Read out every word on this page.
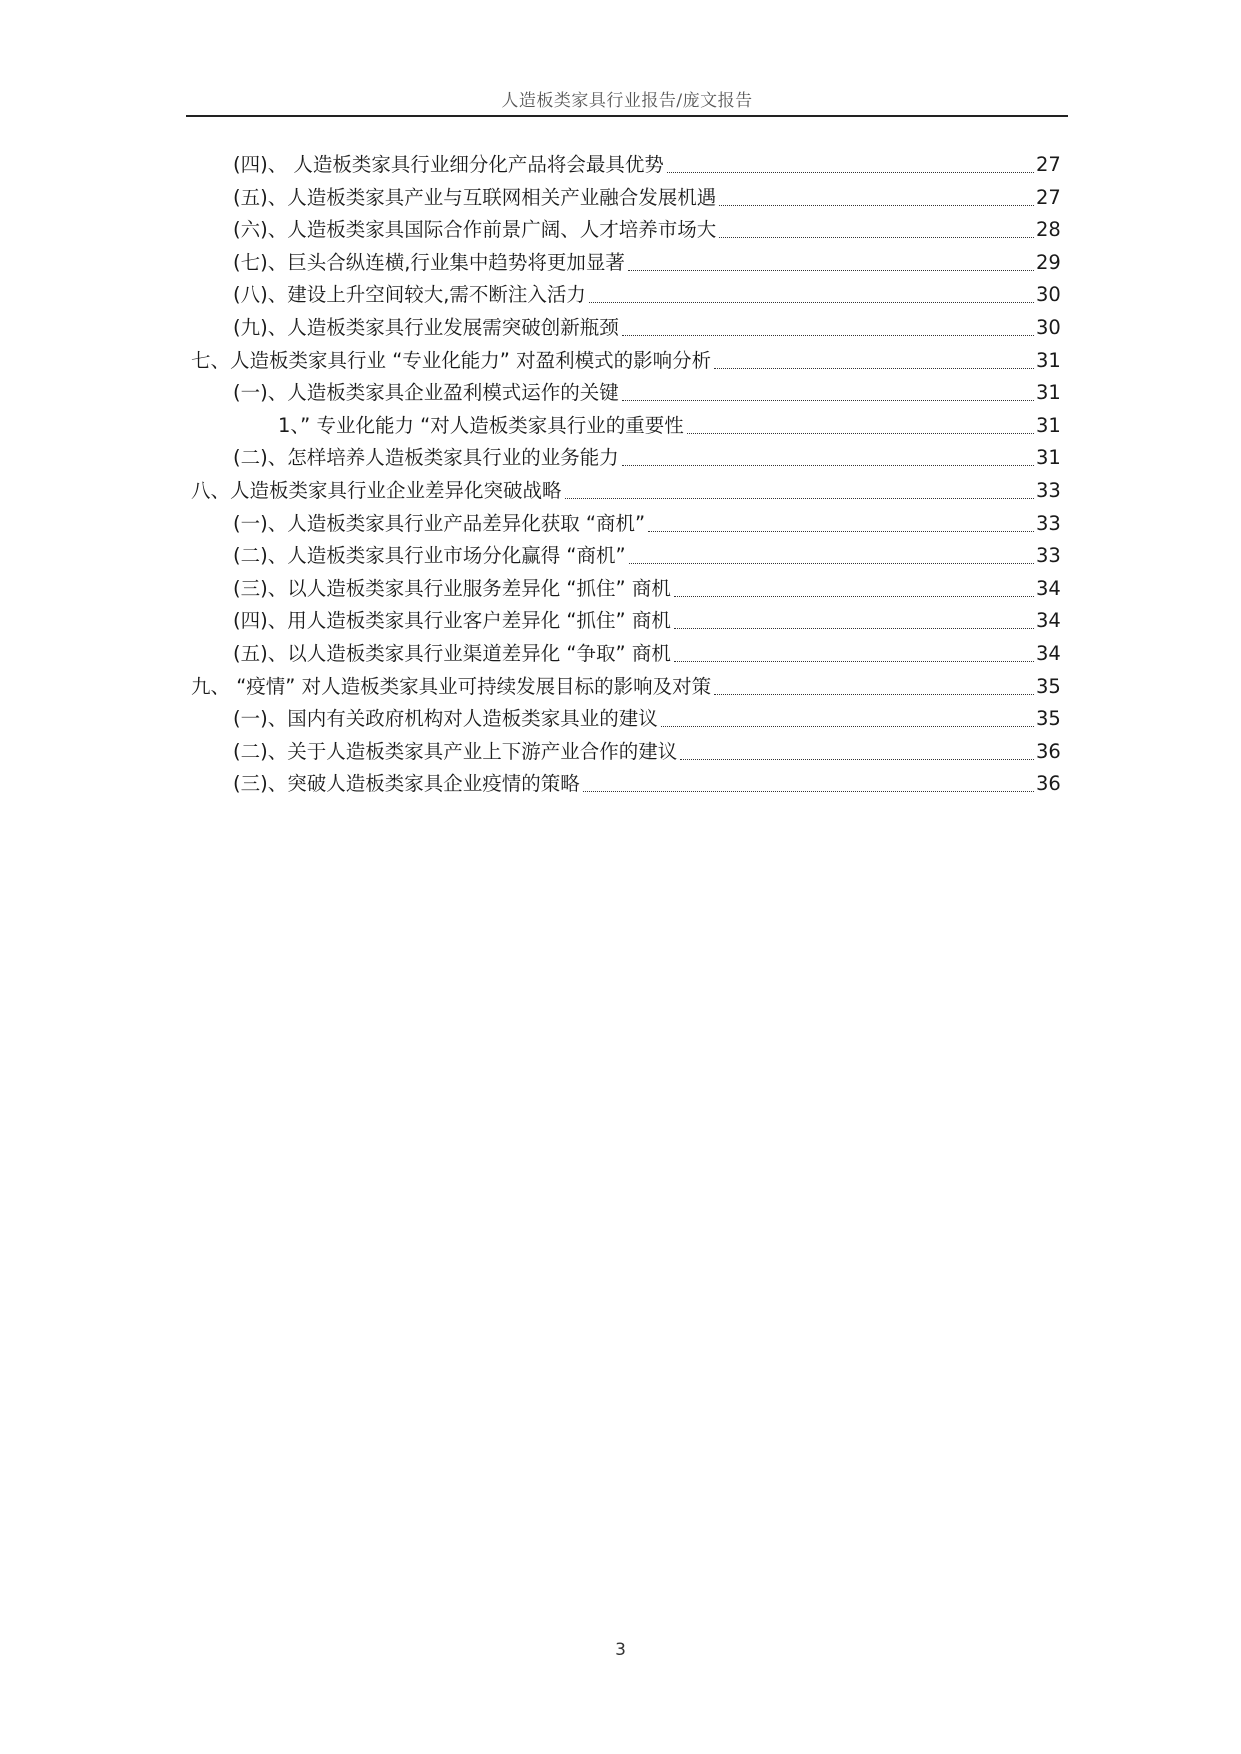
人造板类家具行业报告/庞文报告
(四)、 人造板类家具行业细分化产品将会最具优势	27
(五)、人造板类家具产业与互联网相关产业融合发展机遇	27
(六)、人造板类家具国际合作前景广阔、人才培养市场大	28
(七)、巨头合纵连横,行业集中趋势将更加显著	29
(八)、建设上升空间较大,需不断注入活力	30
(九)、人造板类家具行业发展需突破创新瓶颈	30
七、人造板类家具行业 “专业化能力” 对盈利模式的影响分析	31
(一)、人造板类家具企业盈利模式运作的关键	31
1、” 专业化能力 “对人造板类家具行业的重要性	31
(二)、怎样培养人造板类家具行业的业务能力	31
八、人造板类家具行业企业差异化突破战略	33
(一)、人造板类家具行业产品差异化获取 “商机”	33
(二)、人造板类家具行业市场分化赢得 “商机”	33
(三)、以人造板类家具行业服务差异化 “抓住” 商机	34
(四)、用人造板类家具行业客户差异化 “抓住” 商机	34
(五)、以人造板类家具行业渠道差异化 “争取” 商机	34
九、 “疫情” 对人造板类家具业可持续发展目标的影响及对策	35
(一)、国内有关政府机构对人造板类家具业的建议	35
(二)、关于人造板类家具产业上下游产业合作的建议	36
(三)、突破人造板类家具企业疫情的策略	36
3
